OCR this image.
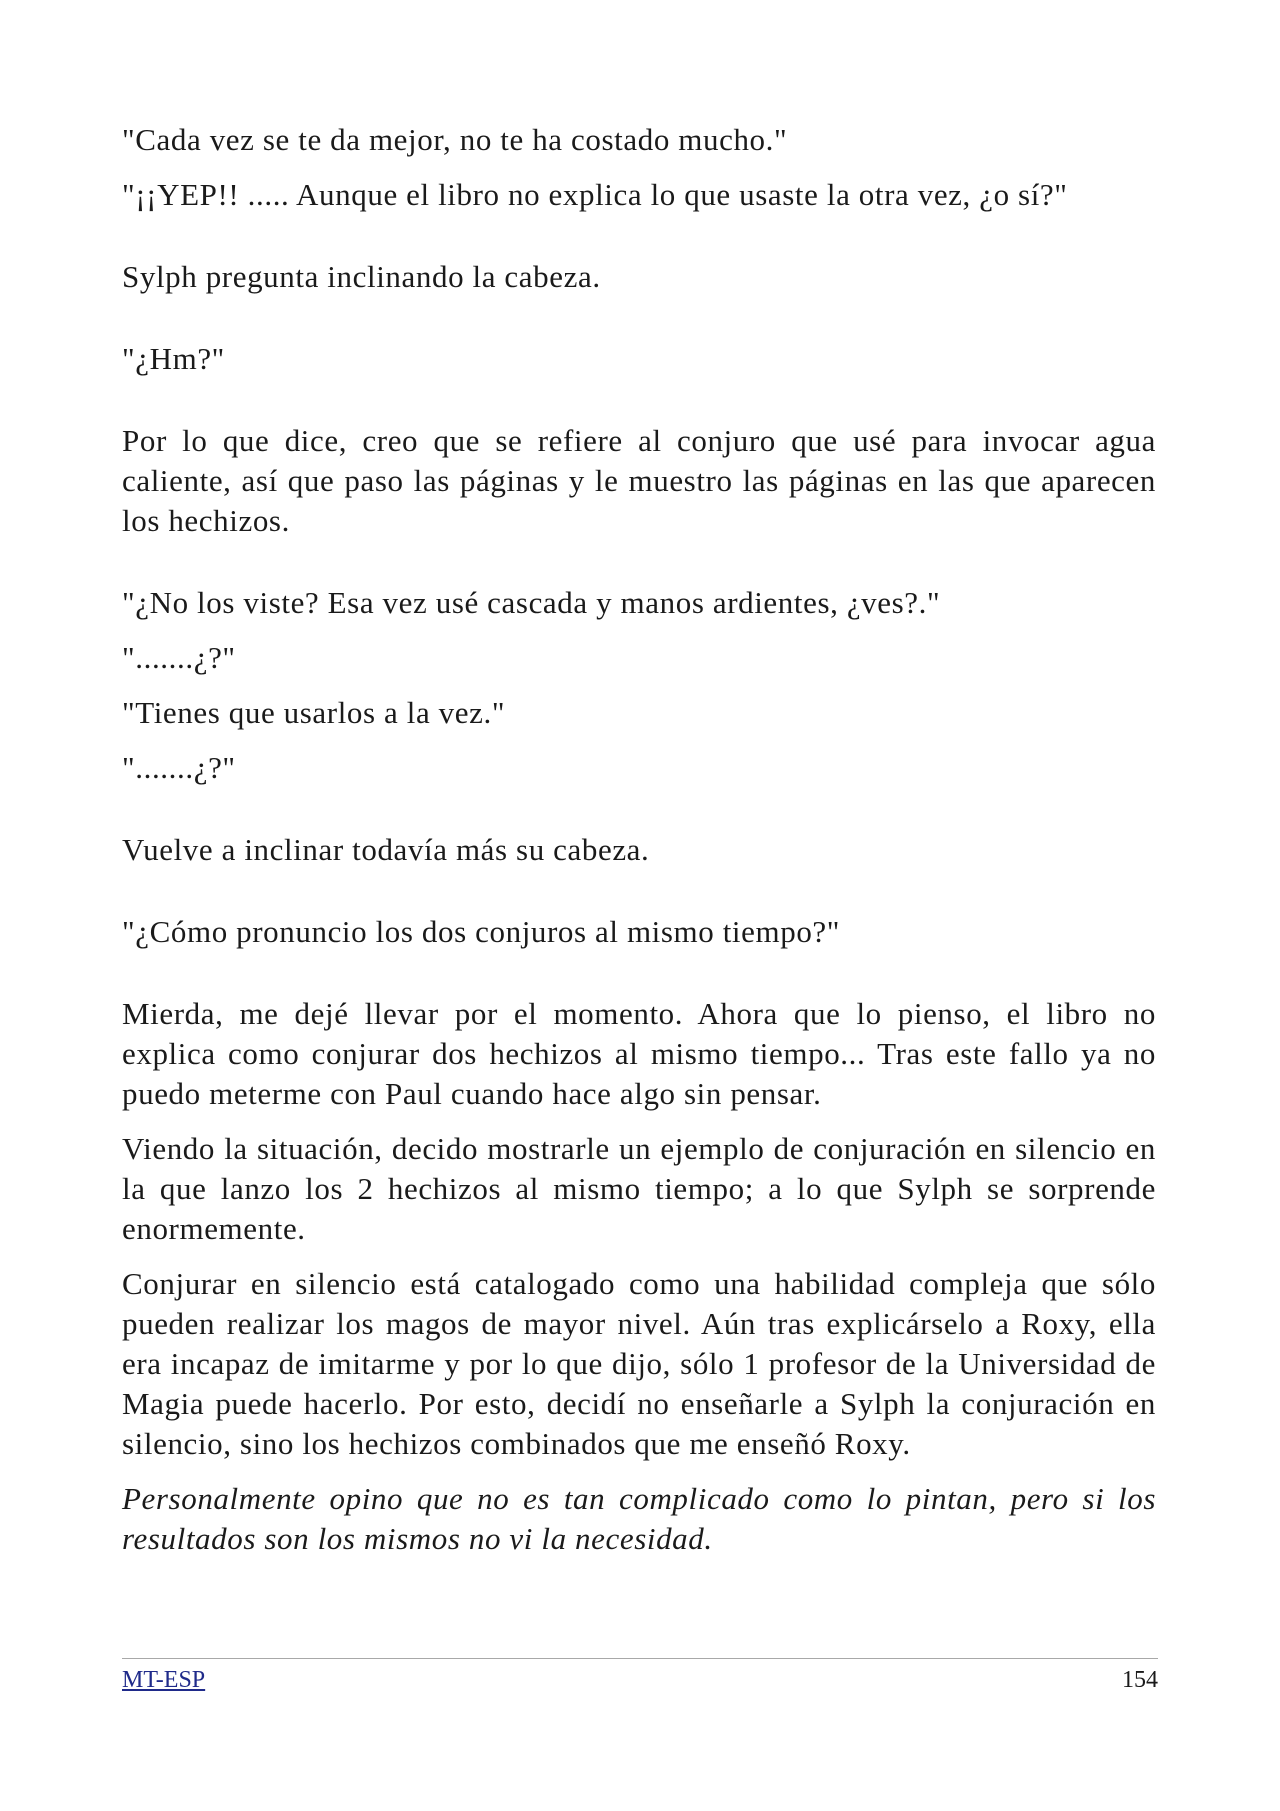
"Cada vez se te da mejor, no te ha costado mucho."

"¡¡YEP!! ..... Aunque el libro no explica lo que usaste la otra vez, ¿o sí?"

Sylph pregunta inclinando la cabeza.

"¿Hm?"

Por lo que dice, creo que se refiere al conjuro que usé para invocar agua caliente, así que paso las páginas y le muestro las páginas en las que aparecen los hechizos.

"¿No los viste? Esa vez usé cascada y manos ardientes, ¿ves?."

".......¿?"

"Tienes que usarlos a la vez."

".......¿?"

Vuelve a inclinar todavía más su cabeza.

"¿Cómo pronuncio los dos conjuros al mismo tiempo?"

Mierda, me dejé llevar por el momento. Ahora que lo pienso, el libro no explica como conjurar dos hechizos al mismo tiempo... Tras este fallo ya no puedo meterme con Paul cuando hace algo sin pensar.

Viendo la situación, decido mostrarle un ejemplo de conjuración en silencio en la que lanzo los 2 hechizos al mismo tiempo; a lo que Sylph se sorprende enormemente.

Conjurar en silencio está catalogado como una habilidad compleja que sólo pueden realizar los magos de mayor nivel. Aún tras explicárselo a Roxy, ella era incapaz de imitarme y por lo que dijo, sólo 1 profesor de la Universidad de Magia puede hacerlo. Por esto, decidí no enseñarle a Sylph la conjuración en silencio, sino los hechizos combinados que me enseñó Roxy.

Personalmente opino que no es tan complicado como lo pintan, pero si los resultados son los mismos no vi la necesidad.

MT-ESP	154
